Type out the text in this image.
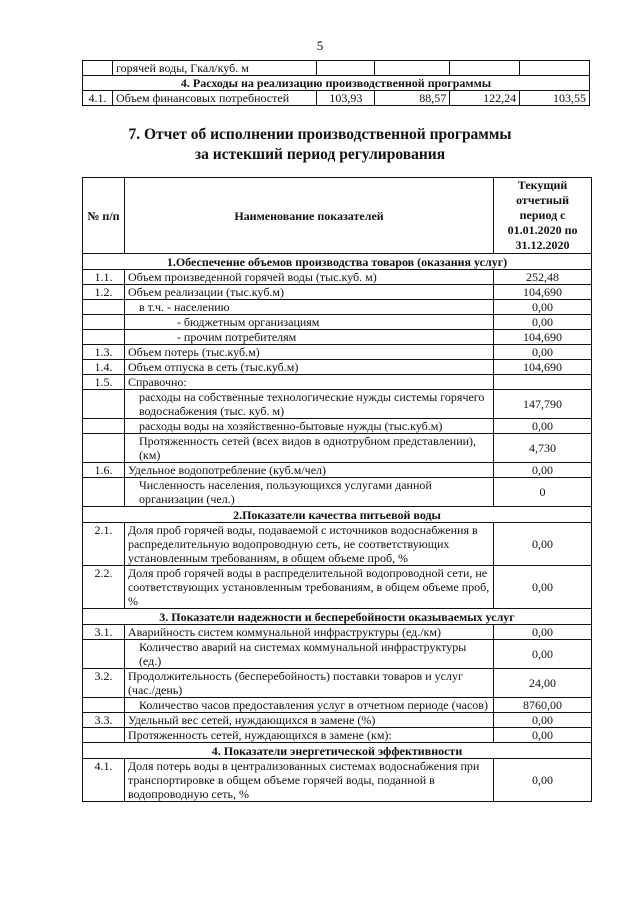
5
	горячей воды, Гкал/куб. м				
4. Расходы на реализацию производственной программы					
4.1.	Объем финансовых потребностей	103,93	88,57	122,24	103,55
7. Отчет об исполнении производственной программы
за истекший период регулирования
№ п/п	Наименование показателей	Текущий отчетный период с 01.01.2020 по 31.12.2020
1.Обеспечение объемов производства товаров (оказания услуг)		
1.1.	Объем произведенной горячей воды (тыс.куб. м)	252,48
1.2.	Объем реализации (тыс.куб.м)	104,690
	в т.ч. - населению	0,00
	- бюджетным организациям	0,00
	- прочим потребителям	104,690
1.3.	Объем потерь (тыс.куб.м)	0,00
1.4.	Объем отпуска в сеть (тыс.куб.м)	104,690
1.5.	Справочно:	
	расходы на собственные технологические нужды системы горячего водоснабжения (тыс. куб. м)	147,790
	расходы воды на хозяйственно-бытовые нужды (тыс.куб.м)	0,00
	Протяженность сетей (всех видов в однотрубном представлении), (км)	4,730
1.6.	Удельное водопотребление (куб.м/чел)	0,00
	Численность населения, пользующихся услугами данной организации (чел.)	0
2.Показатели качества питьевой воды		
2.1.	Доля проб горячей воды, подаваемой с источников водоснабжения в распределительную водопроводную сеть, не соответствующих установленным требованиям, в общем объеме проб, %	0,00
2.2.	Доля проб горячей воды в распределительной водопроводной сети, не соответствующих установленным требованиям, в общем объеме проб, %	0,00
3. Показатели надежности и бесперебойности оказываемых услуг		
3.1.	Аварийность систем коммунальной инфраструктуры (ед./км)	0,00
	Количество аварий на системах коммунальной инфраструктуры (ед.)	0,00
3.2.	Продолжительность (бесперебойность) поставки товаров и услуг (час./день)	24,00
	Количество часов предоставления услуг в отчетном периоде (часов)	8760,00
3.3.	Удельный вес сетей, нуждающихся в замене (%)	0,00
	Протяженность сетей, нуждающихся в замене (км):	0,00
4. Показатели энергетической эффективности		
4.1.	Доля потерь воды в централизованных системах водоснабжения при транспортировке в общем объеме горячей воды, поданной в водопроводную сеть, %	0,00
